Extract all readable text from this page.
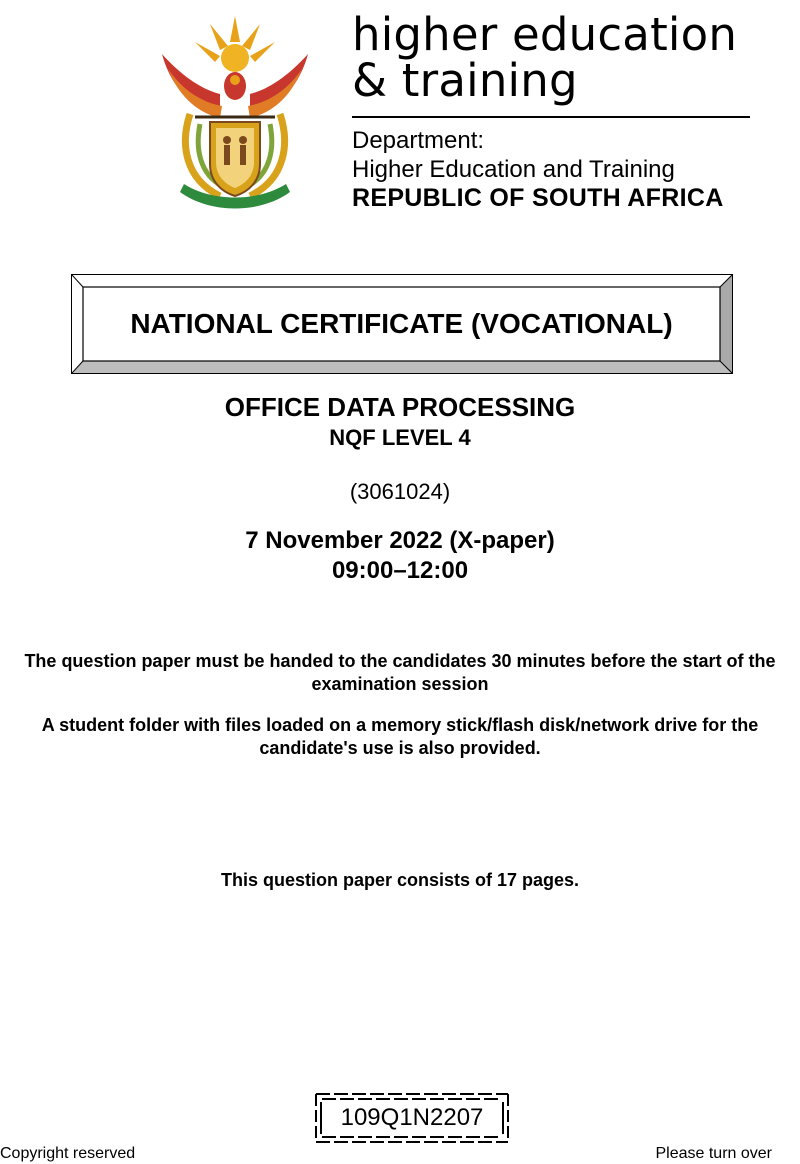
higher education
& training
Department:
Higher Education and Training
REPUBLIC OF SOUTH AFRICA
NATIONAL CERTIFICATE (VOCATIONAL)
OFFICE DATA PROCESSING
NQF LEVEL 4
(3061024)
7 November 2022 (X-paper)
09:00–12:00
The question paper must be handed to the candidates 30 minutes before the start of the
examination session
A student folder with files loaded on a memory stick/flash disk/network drive for the
candidate's use is also provided.
This question paper consists of 17 pages.
109Q1N2207
Copyright reserved	Please turn over
